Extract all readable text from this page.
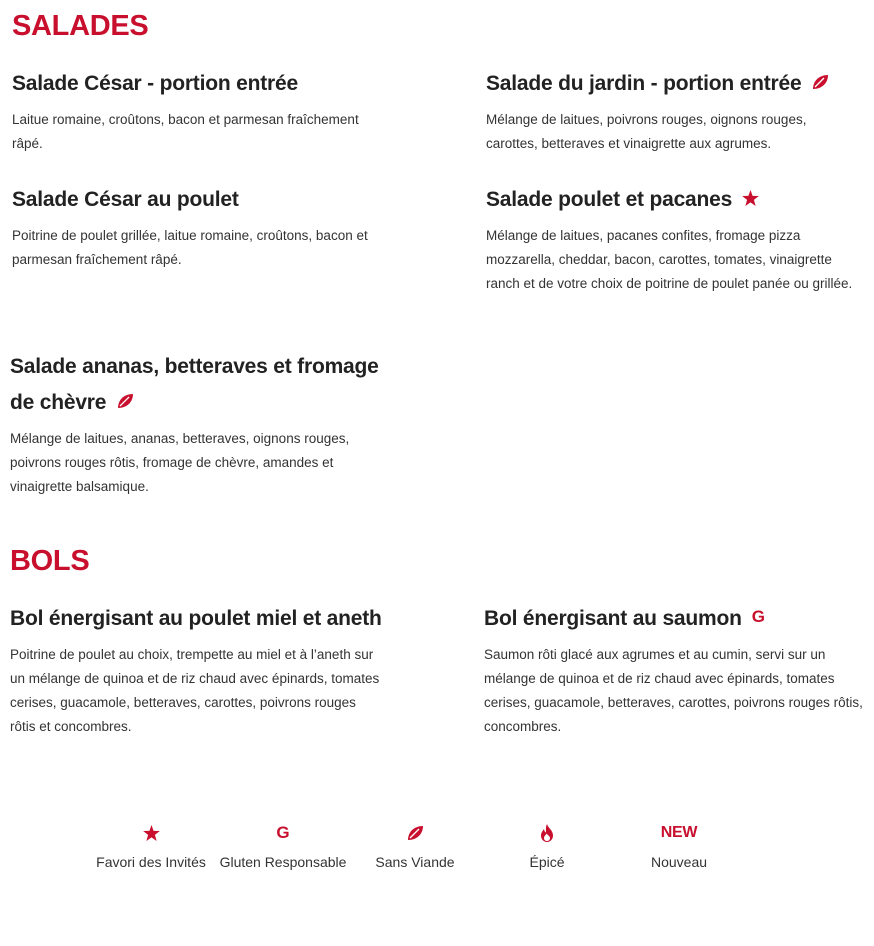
SALADES
Salade César - portion entrée

Laitue romaine, croûtons, bacon et parmesan fraîchement râpé.

Salade du jardin - portion entrée

Mélange de laitues, poivrons rouges, oignons rouges, carottes, betteraves et vinaigrette aux agrumes.

Salade César au poulet

Poitrine de poulet grillée, laitue romaine, croûtons, bacon et parmesan fraîchement râpé.

Salade poulet et pacanes

Mélange de laitues, pacanes confites, fromage pizza mozzarella, cheddar, bacon, carottes, tomates, vinaigrette ranch et de votre choix de poitrine de poulet panée ou grillée.

Salade ananas, betteraves et fromage de chèvre

Mélange de laitues, ananas, betteraves, oignons rouges, poivrons rouges rôtis, fromage de chèvre, amandes et vinaigrette balsamique.

BOLS
Bol énergisant au poulet miel et aneth

Poitrine de poulet au choix, trempette au miel et à l’aneth sur un mélange de quinoa et de riz chaud avec épinards, tomates cerises, guacamole, betteraves, carottes, poivrons rouges rôtis et concombres.

Bol énergisant au saumon G

Saumon rôti glacé aux agrumes et au cumin, servi sur un mélange de quinoa et de riz chaud avec épinards, tomates cerises, guacamole, betteraves, carottes, poivrons rouges rôtis, concombres.

Favori des Invités
G
Gluten Responsable	Sans Viande	Épicé
NEW
Nouveau
